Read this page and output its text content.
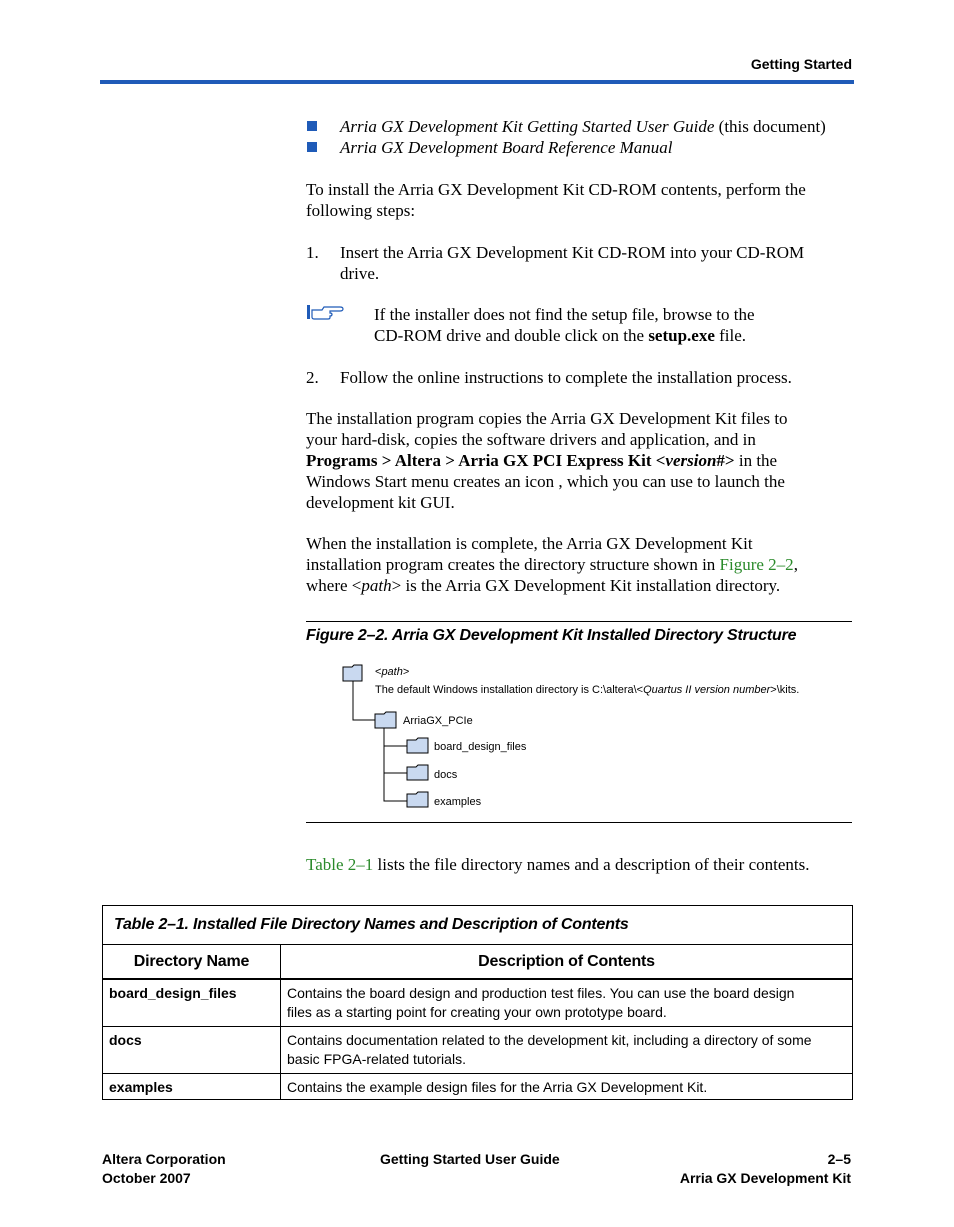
Getting Started
Arria GX Development Kit Getting Started User Guide (this document)
Arria GX Development Board Reference Manual
To install the Arria GX Development Kit CD-ROM contents, perform the
following steps:
1. Insert the Arria GX Development Kit CD-ROM into your CD-ROM
drive.
If the installer does not find the setup file, browse to the
CD-ROM drive and double click on the setup.exe file.
2. Follow the online instructions to complete the installation process.
The installation program copies the Arria GX Development Kit files to
your hard-disk, copies the software drivers and application, and in
Programs > Altera > Arria GX PCI Express Kit <version#> in the
Windows Start menu creates an icon , which you can use to launch the
development kit GUI.
When the installation is complete, the Arria GX Development Kit
installation program creates the directory structure shown in Figure 2–2,
where <path> is the Arria GX Development Kit installation directory.
Figure 2–2. Arria GX Development Kit Installed Directory Structure
<path>
The default Windows installation directory is C:\altera\<Quartus II version number>\kits.
ArriaGX_PCIe
board_design_files
docs
examples
Table 2–1 lists the file directory names and a description of their contents.
Table 2–1. Installed File Directory Names and Description of Contents
Directory Name	Description of Contents
board_design_files	Contains the board design and production test files. You can use the board design
files as a starting point for creating your own prototype board.
docs	Contains documentation related to the development kit, including a directory of some
basic FPGA-related tutorials.
examples	Contains the example design files for the Arria GX Development Kit.
Altera Corporation
October 2007
Getting Started User Guide	2–5
Arria GX Development Kit
